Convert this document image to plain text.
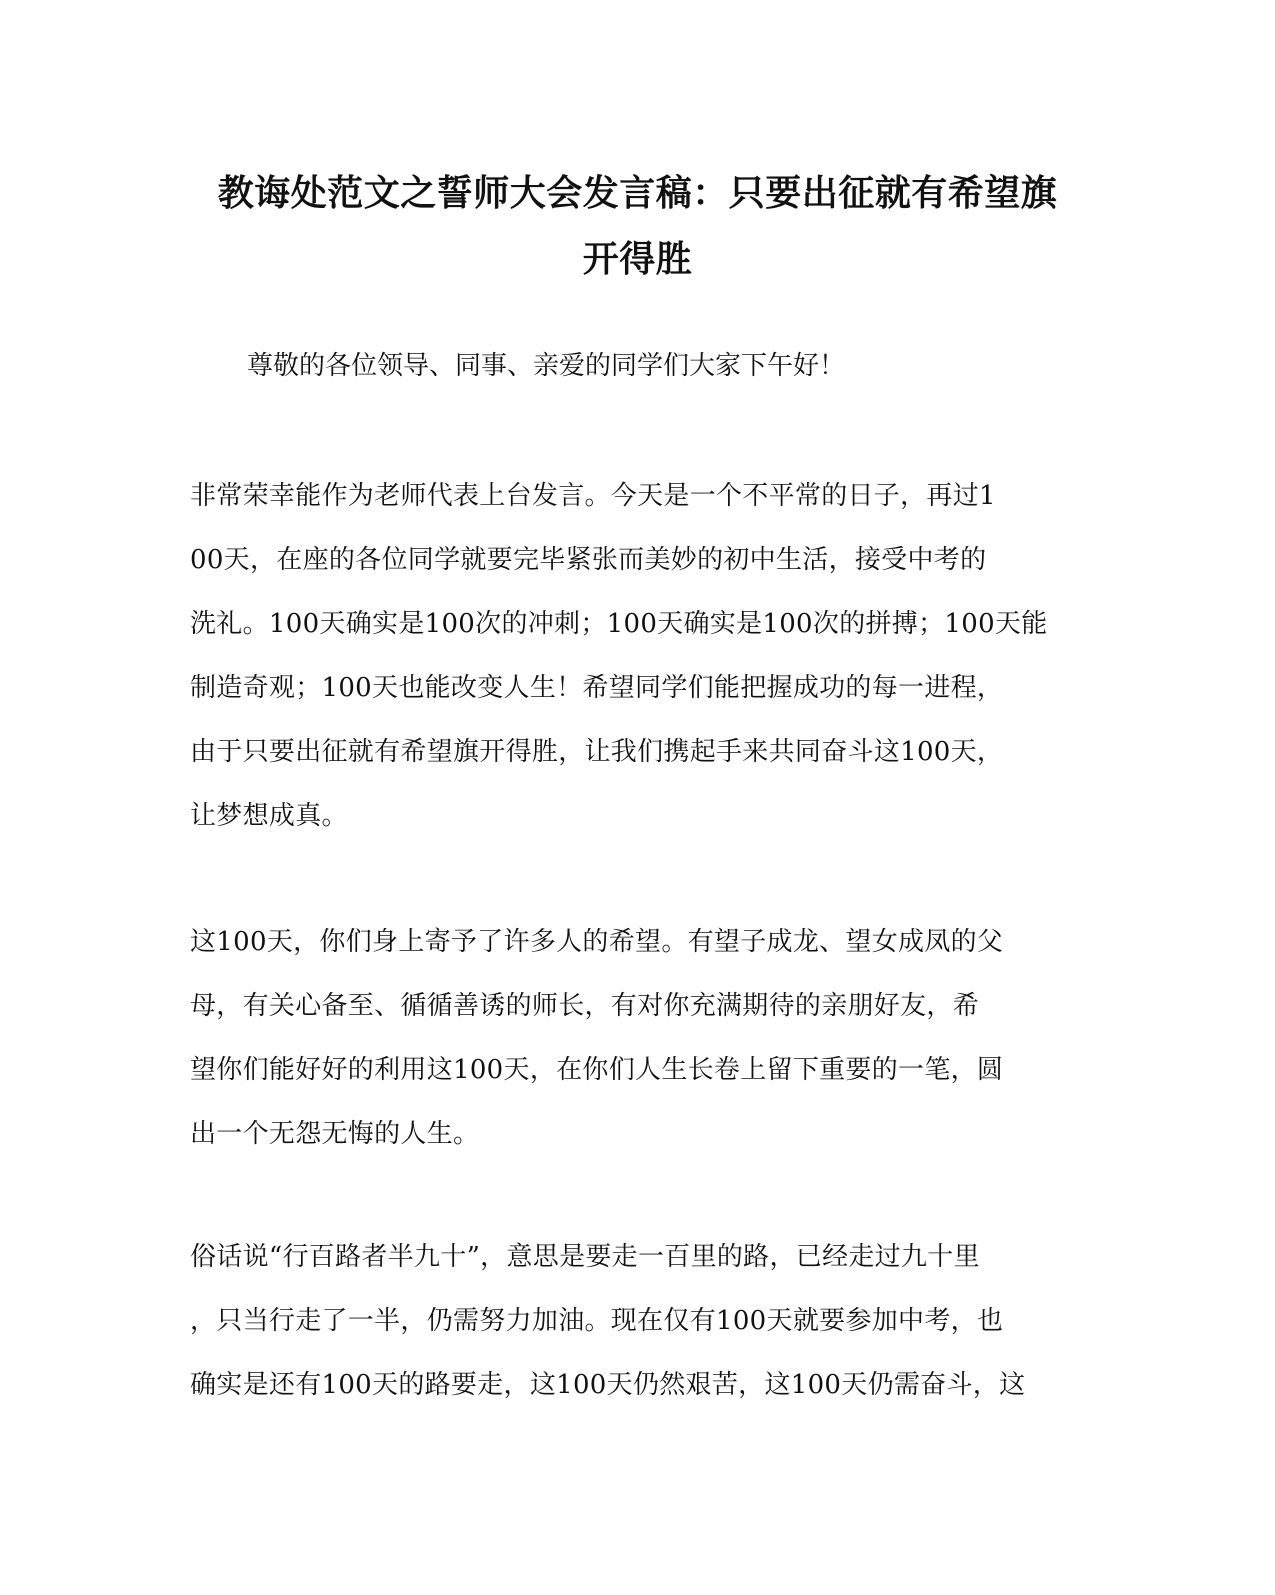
教诲处范文之誓师大会发言稿：只要出征就有希望旗
开得胜

尊敬的各位领导、同事、亲爱的同学们大家下午好！

非常荣幸能作为老师代表上台发言。今天是一个不平常的日子，再过1
00天，在座的各位同学就要完毕紧张而美妙的初中生活，接受中考的
洗礼。100天确实是100次的冲刺；100天确实是100次的拼搏；100天能
制造奇观；100天也能改变人生！希望同学们能把握成功的每一进程，
由于只要出征就有希望旗开得胜，让我们携起手来共同奋斗这100天，
让梦想成真。
这100天，你们身上寄予了许多人的希望。有望子成龙、望女成凤的父
母，有关心备至、循循善诱的师长，有对你充满期待的亲朋好友，希
望你们能好好的利用这100天，在你们人生长卷上留下重要的一笔，圆
出一个无怨无悔的人生。
俗话说“行百路者半九十”，意思是要走一百里的路，已经走过九十里
，只当行走了一半，仍需努力加油。现在仅有100天就要参加中考，也
确实是还有100天的路要走，这100天仍然艰苦，这100天仍需奋斗，这
